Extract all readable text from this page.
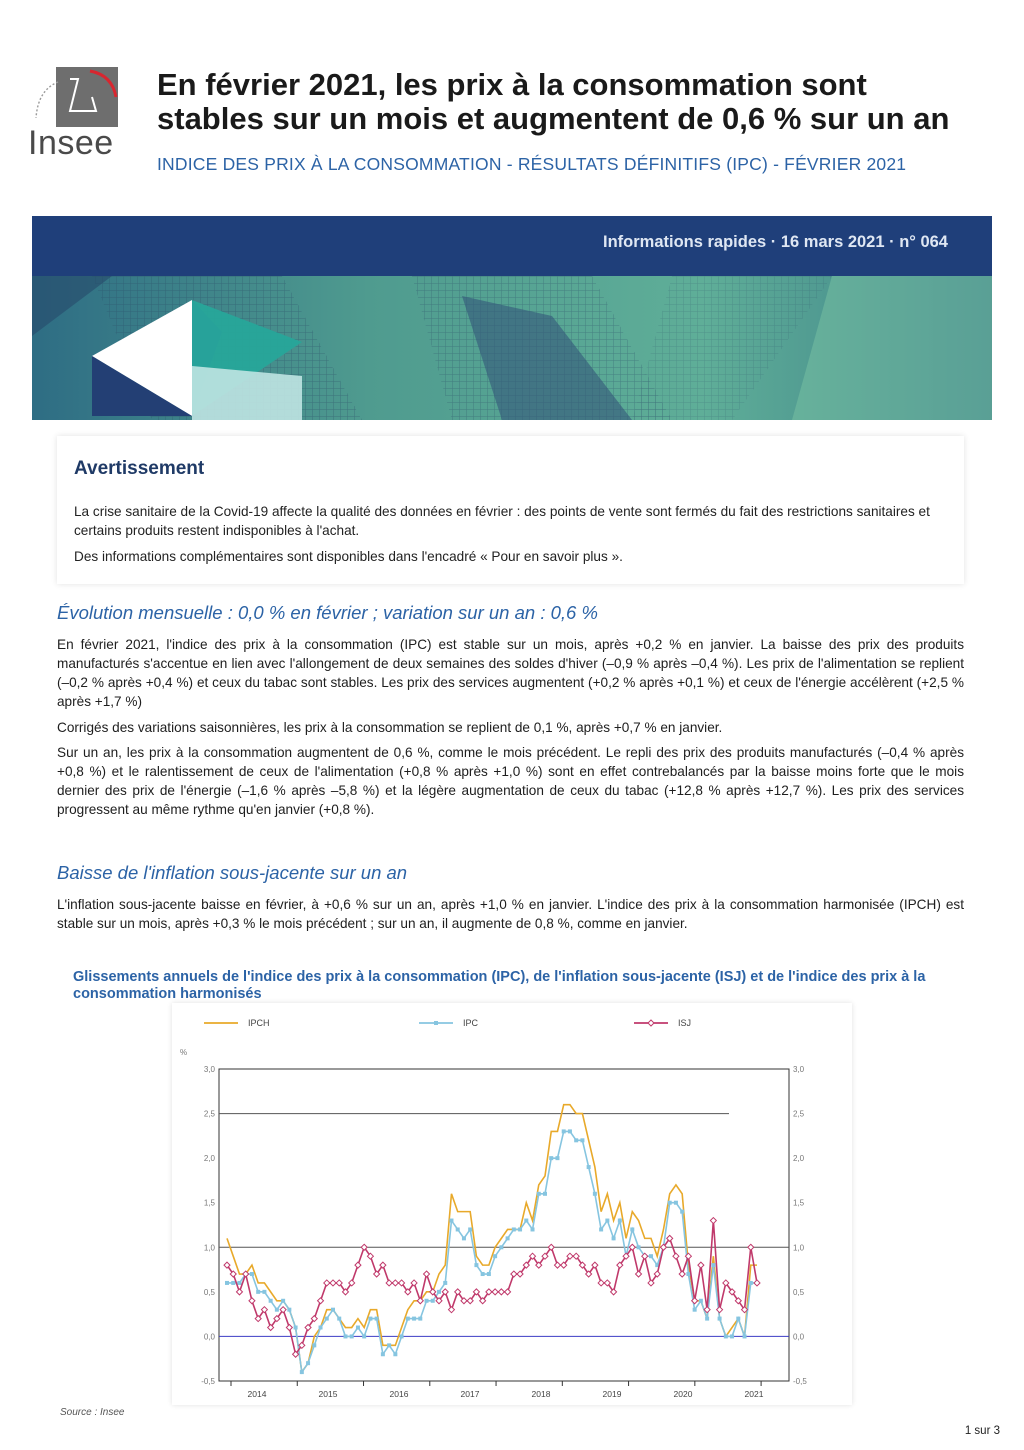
Insee
En février 2021, les prix à la consommation sont
stables sur un mois et augmentent de 0,6 % sur un an
INDICE DES PRIX À LA CONSOMMATION - RÉSULTATS DÉFINITIFS (IPC) - FÉVRIER 2021
Informations rapides · 16 mars 2021 · n° 064
Avertissement

La crise sanitaire de la Covid-19 affecte la qualité des données en février : des points de vente sont fermés du fait des restrictions sanitaires et certains produits restent indisponibles à l'achat.

Des informations complémentaires sont disponibles dans l'encadré « Pour en savoir plus ».

Évolution mensuelle : 0,0 % en février ; variation sur un an : 0,6 %

En février 2021, l'indice des prix à la consommation (IPC) est stable sur un mois, après +0,2 % en janvier. La baisse des prix des produits manufacturés s'accentue en lien avec l'allongement de deux semaines des soldes d'hiver (–0,9 % après –0,4 %). Les prix de l'alimentation se replient (–0,2 % après +0,4 %) et ceux du tabac sont stables. Les prix des services augmentent (+0,2 % après +0,1 %) et ceux de l'énergie accélèrent (+2,5 % après +1,7 %)

Corrigés des variations saisonnières, les prix à la consommation se replient de 0,1 %, après +0,7 % en janvier.

Sur un an, les prix à la consommation augmentent de 0,6 %, comme le mois précédent. Le repli des prix des produits manufacturés (–0,4 % après +0,8 %) et le ralentissement de ceux de l'alimentation (+0,8 % après +1,0 %) sont en effet contrebalancés par la baisse moins forte que le mois dernier des prix de l'énergie (–1,6 % après –5,8 %) et la légère augmentation de ceux du tabac (+12,8 % après +12,7 %). Les prix des services progressent au même rythme qu'en janvier (+0,8 %).

Baisse de l'inflation sous-jacente sur un an

L'inflation sous-jacente baisse en février, à +0,6 % sur un an, après +1,0 % en janvier. L'indice des prix à la consommation harmonisée (IPCH) est stable sur un mois, après +0,3 % le mois précédent ; sur un an, il augmente de 0,8 %, comme en janvier.

Glissements annuels de l'indice des prix à la consommation (IPC), de l'inflation sous-jacente (ISJ) et de l'indice des prix à la consommation harmonisés
3,0	3,0
2,5	2,5
2,0	2,0
1,5	1,5
1,0	1,0
0,5	0,5
0,0	0,0
-0,5	-0,5
%
2014	2015	2016	2017	2018	2019	2020	2021
IPCH	IPC	ISJ
Source : Insee
1 sur 3
